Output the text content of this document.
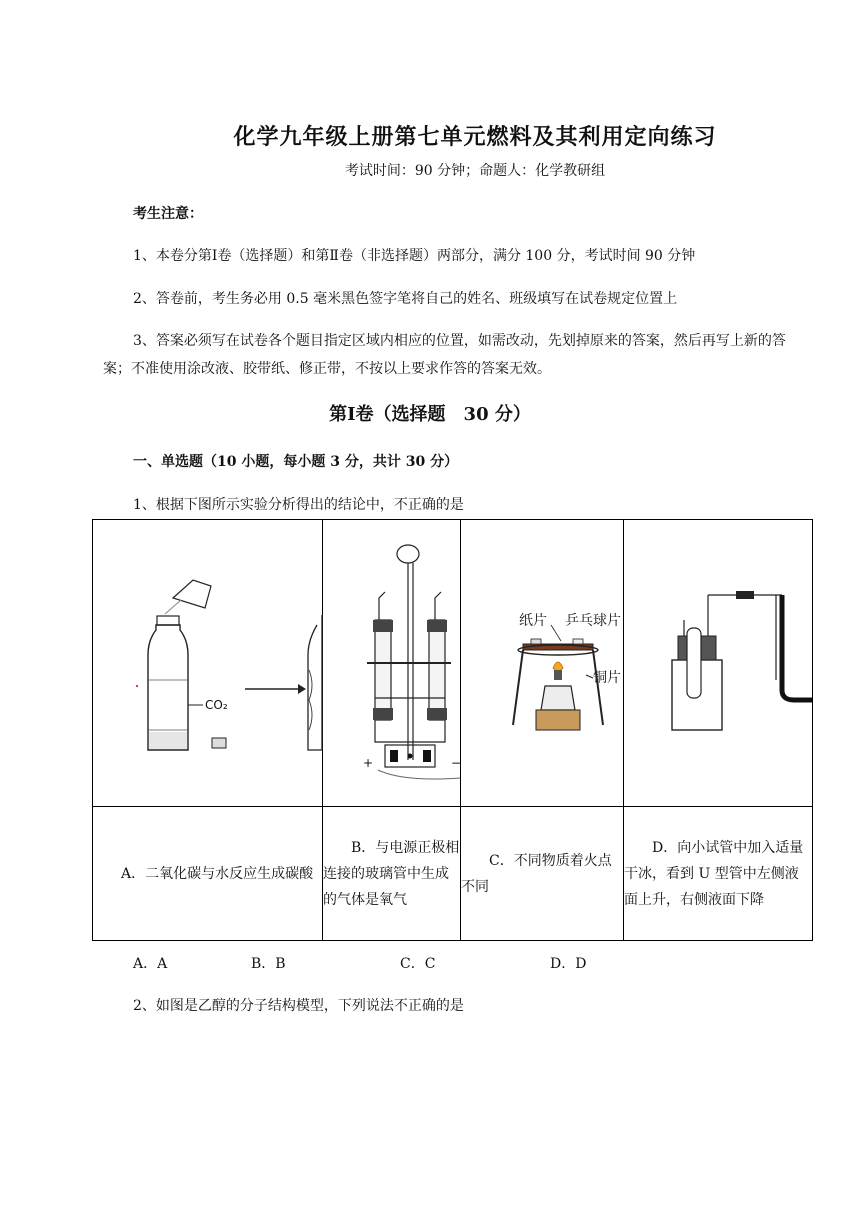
化学九年级上册第七单元燃料及其利用定向练习
考试时间：90 分钟；命题人：化学教研组
考生注意：
1、本卷分第Ⅰ卷（选择题）和第Ⅱ卷（非选择题）两部分，满分 100 分，考试时间 90 分钟
2、答卷前，考生务必用 0.5 毫米黑色签字笔将自己的姓名、班级填写在试卷规定位置上
3、答案必须写在试卷各个题目指定区域内相应的位置，如需改动，先划掉原来的答案，然后再写上新的答案；不准使用涂改液、胶带纸、修正带，不按以上要求作答的答案无效。
第Ⅰ卷（选择题　30 分）
一、单选题（10 小题，每小题 3 分，共计 30 分）
1、根据下图所示实验分析得出的结论中，不正确的是
CO₂	+ −	纸片 乒乓球片
铜片

A．二氧化碳与水反应生成碳酸	B．与电源正极相连接的玻璃管中生成的气体是氧气	C．不同物质着火点不同	D．向小试管中加入适量干冰，看到 U 型管中左侧液面上升，右侧液面下降
A．A	B．B	C．C	D．D
2、如图是乙醇的分子结构模型，下列说法不正确的是
